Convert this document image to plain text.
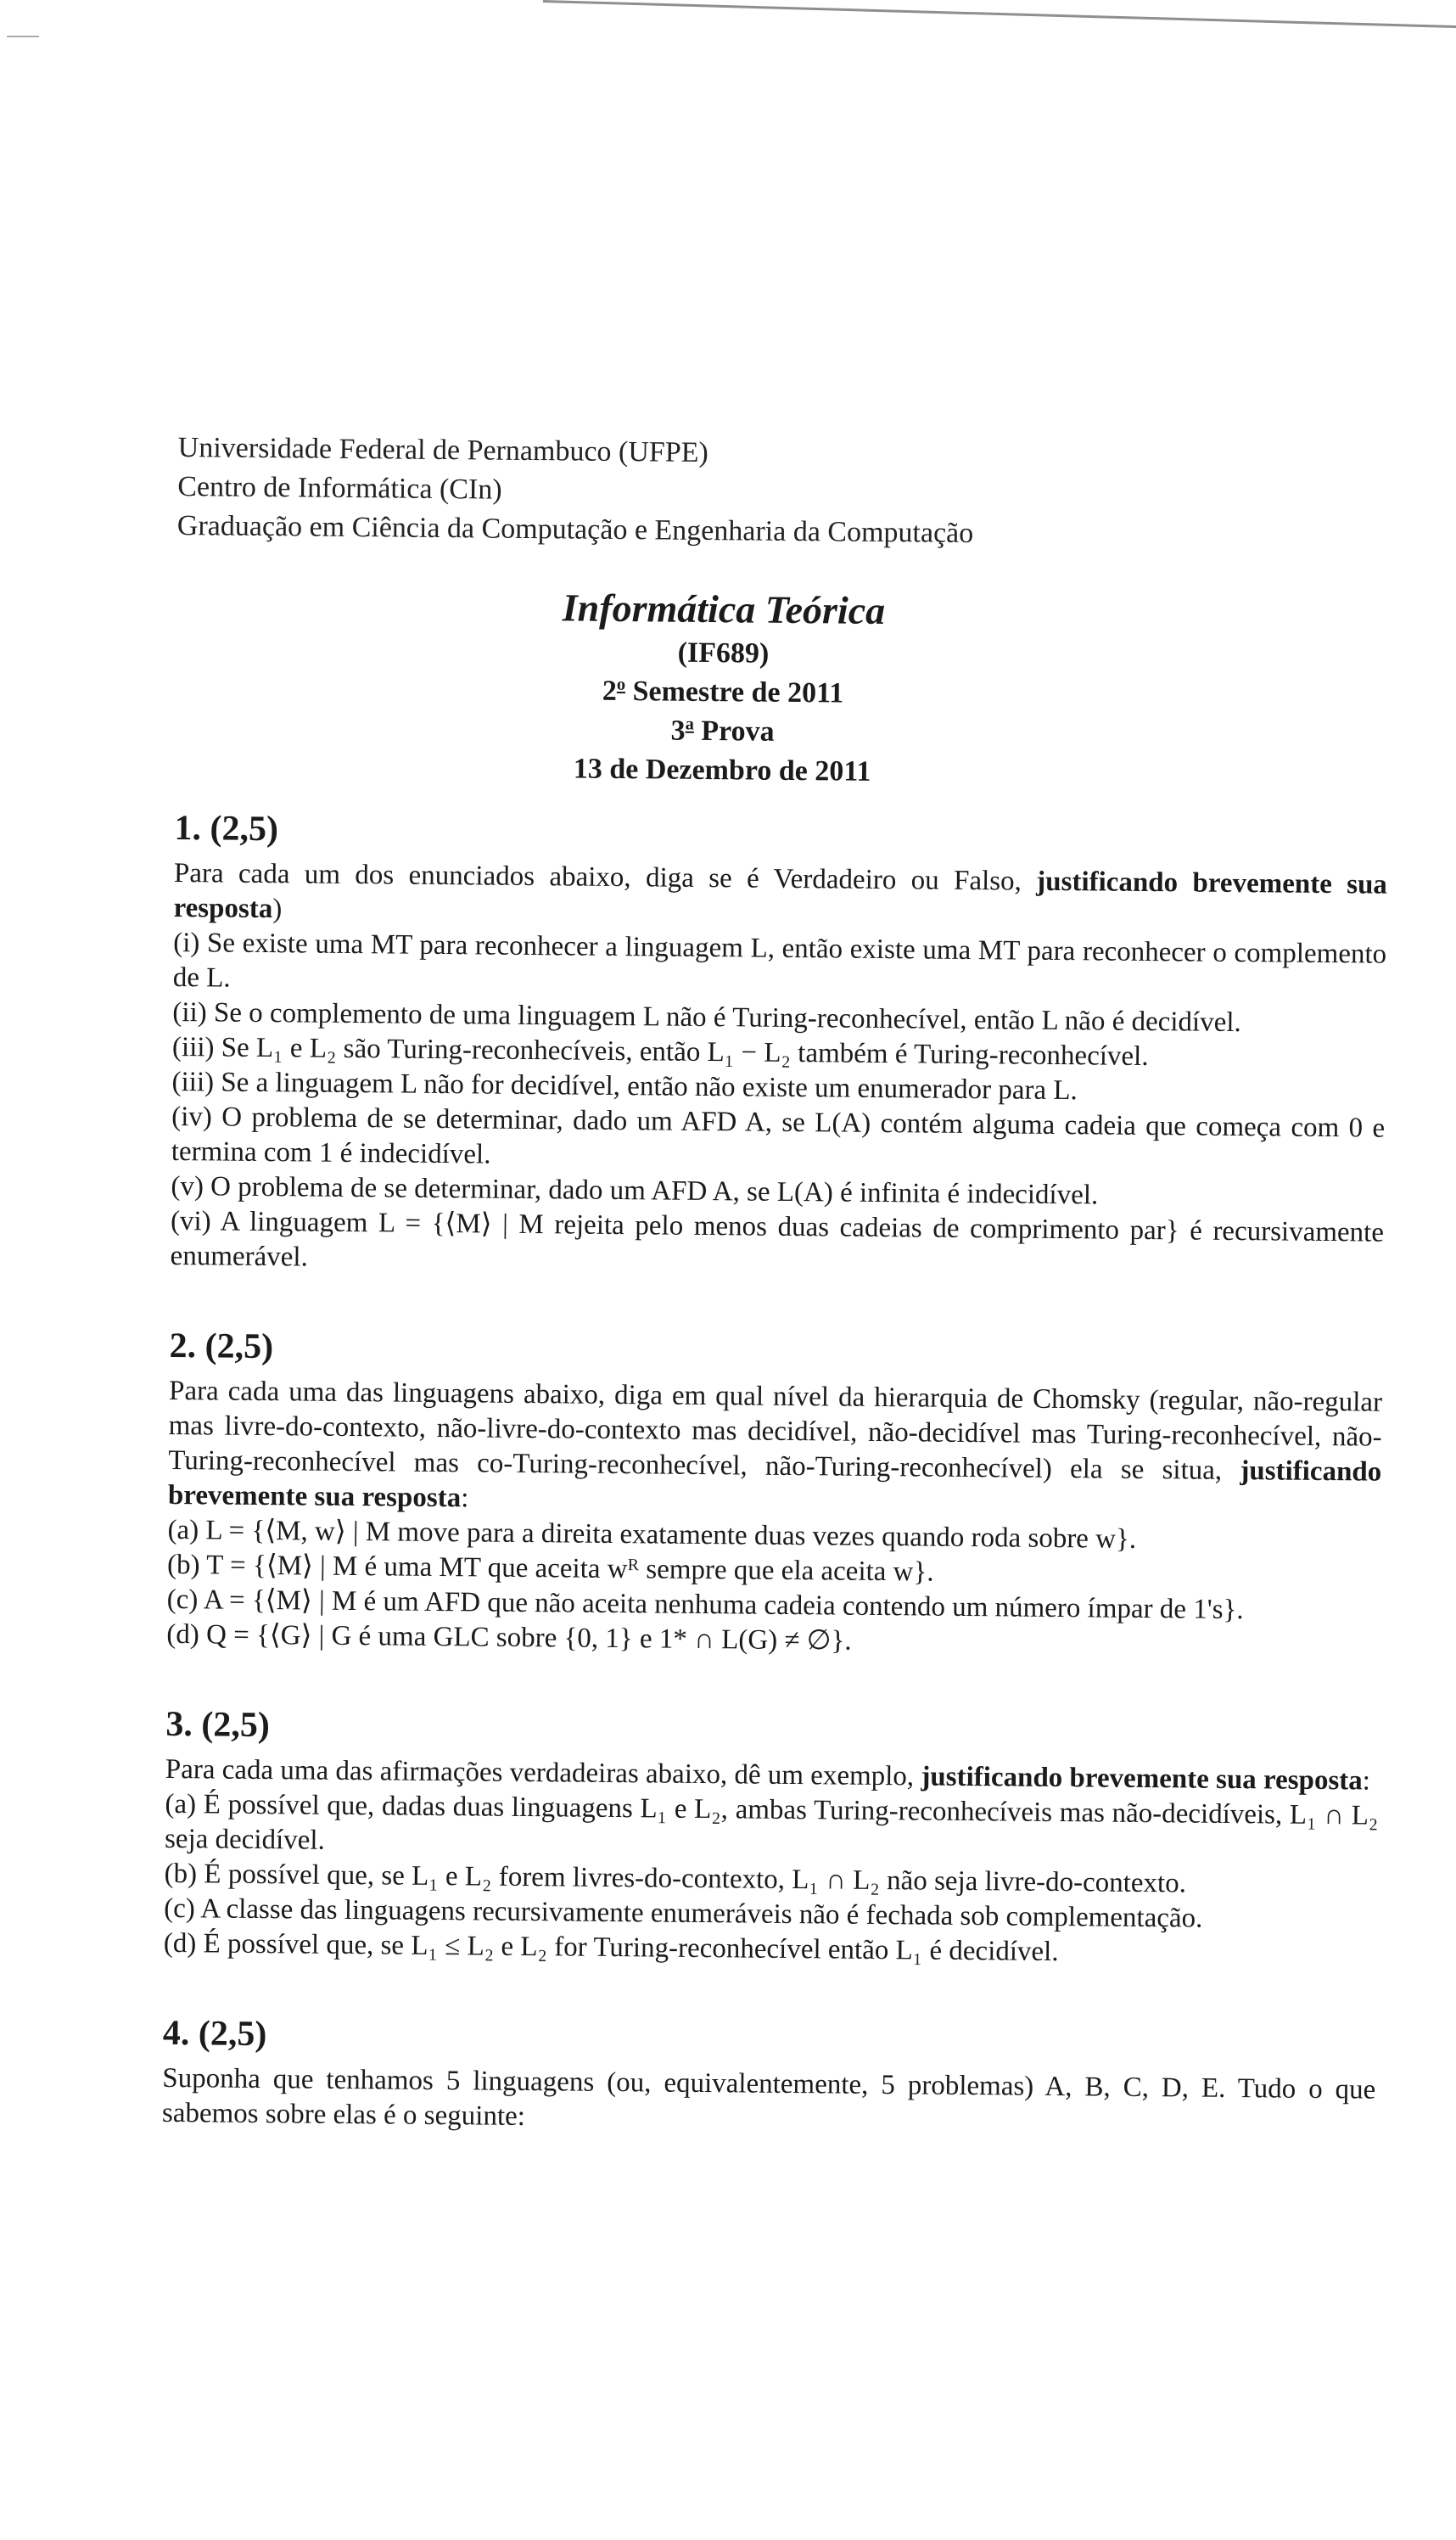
Universidade Federal de Pernambuco (UFPE)
Centro de Informática (CIn)
Graduação em Ciência da Computação e Engenharia da Computação
Informática Teórica
(IF689)
2$^o$ Semestre de 2011
3$^a$ Prova
13 de Dezembro de 2011
1. (2,5)

Para cada um dos enunciados abaixo, diga se é Verdadeiro ou Falso, justificando brevemente sua resposta)

(i) Se existe uma MT para reconhecer a linguagem L, então existe uma MT para reconhecer o complemento de L.

(ii) Se o complemento de uma linguagem L não é Turing-reconhecível, então L não é decidível.

(iii) Se L₁ e L₂ são Turing-reconhecíveis, então L₁ − L₂ também é Turing-reconhecível.

(iii) Se a linguagem L não for decidível, então não existe um enumerador para L.

(iv) O problema de se determinar, dado um AFD A, se L(A) contém alguma cadeia que começa com 0 e termina com 1 é indecidível.

(v) O problema de se determinar, dado um AFD A, se L(A) é infinita é indecidível.

(vi) A linguagem L = {⟨M⟩ | M rejeita pelo menos duas cadeias de comprimento par} é recursivamente enumerável.

2. (2,5)

Para cada uma das linguagens abaixo, diga em qual nível da hierarquia de Chomsky (regular, não-regular mas livre-do-contexto, não-livre-do-contexto mas decidível, não-decidível mas Turing-reconhecível, não-Turing-reconhecível mas co-Turing-reconhecível, não-Turing-reconhecível) ela se situa, justificando brevemente sua resposta:

(a) L = {⟨M, w⟩ | M move para a direita exatamente duas vezes quando roda sobre w}.

(b) T = {⟨M⟩ | M é uma MT que aceita wᴿ sempre que ela aceita w}.

(c) A = {⟨M⟩ | M é um AFD que não aceita nenhuma cadeia contendo um número ímpar de 1's}.

(d) Q = {⟨G⟩ | G é uma GLC sobre {0, 1} e 1* ∩ L(G) ≠ ∅}.

3. (2,5)

Para cada uma das afirmações verdadeiras abaixo, dê um exemplo, justificando brevemente sua resposta:

(a) É possível que, dadas duas linguagens L₁ e L₂, ambas Turing-reconhecíveis mas não-decidíveis, L₁ ∩ L₂ seja decidível.

(b) É possível que, se L₁ e L₂ forem livres-do-contexto, L₁ ∩ L₂ não seja livre-do-contexto.

(c) A classe das linguagens recursivamente enumeráveis não é fechada sob complementação.

(d) É possível que, se L₁ ≤ L₂ e L₂ for Turing-reconhecível então L₁ é decidível.

4. (2,5)

Suponha que tenhamos 5 linguagens (ou, equivalentemente, 5 problemas) A, B, C, D, E. Tudo o que sabemos sobre elas é o seguinte:
